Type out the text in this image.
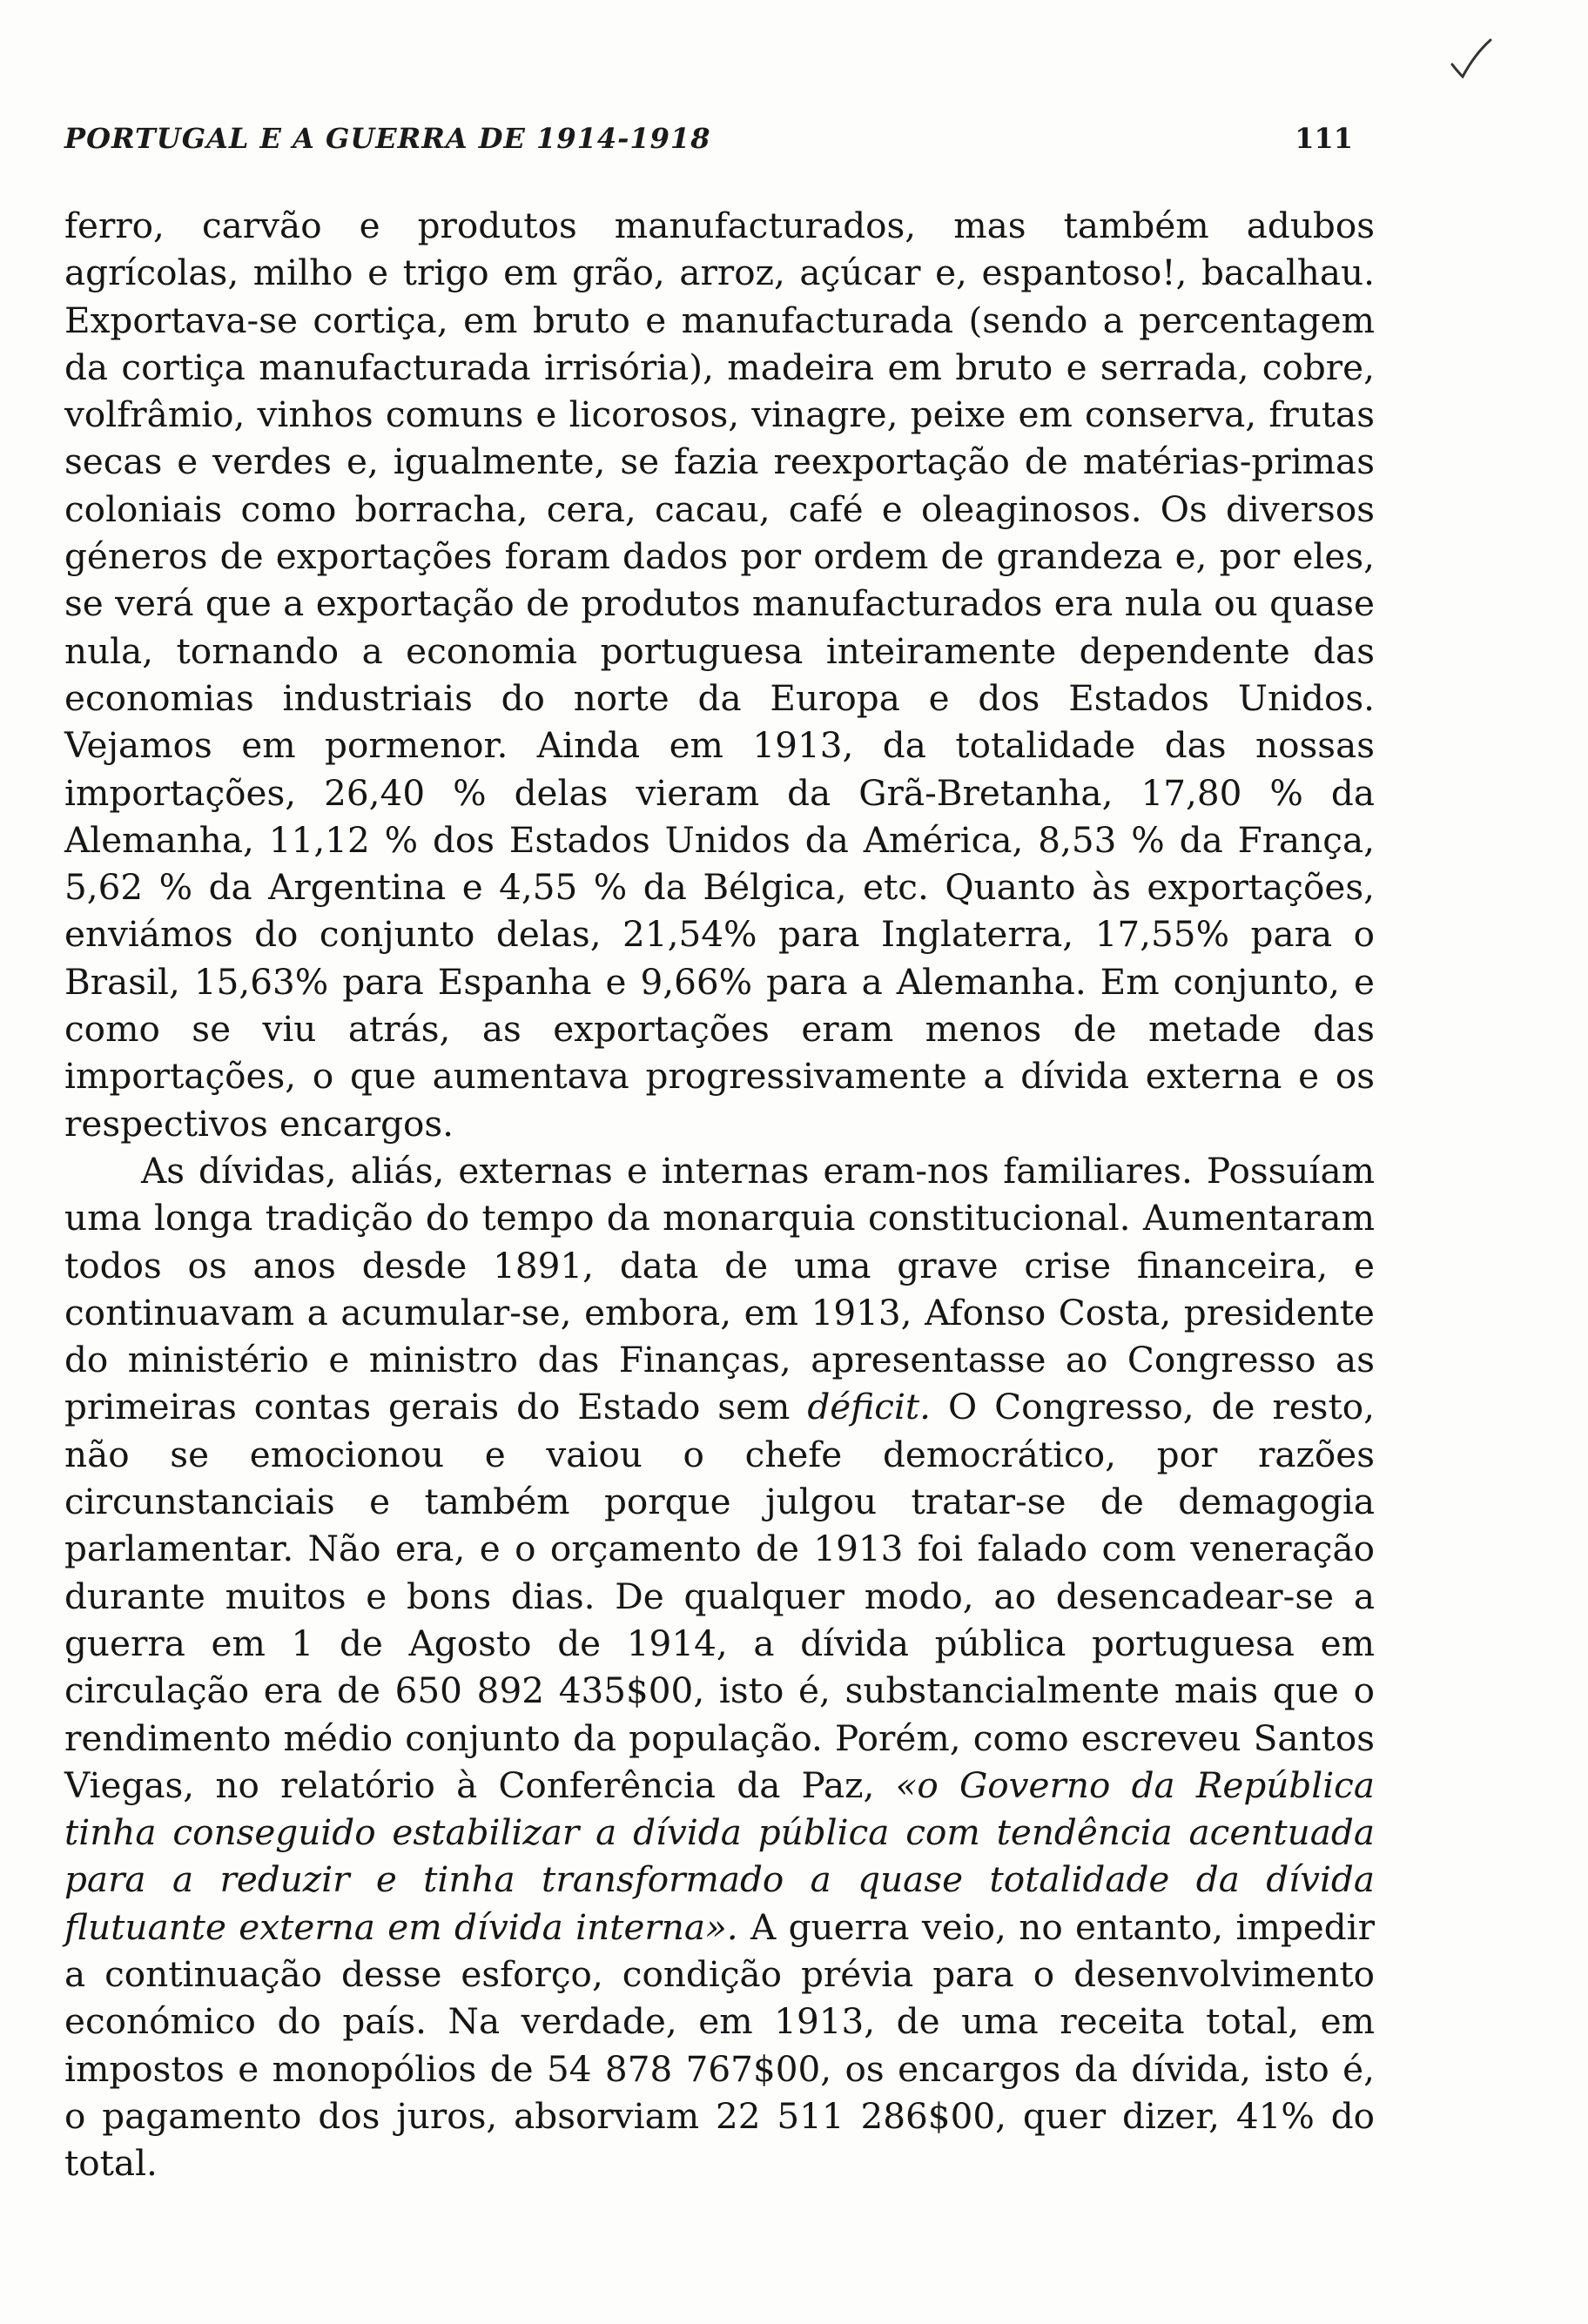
PORTUGAL E A GUERRA DE 1914-1918	111

ferro, carvão e produtos manufacturados, mas também adubos agrícolas, milho e trigo em grão, arroz, açúcar e, espantoso!, bacalhau. Exportava-se cortiça, em bruto e manufacturada (sendo a percentagem da cortiça manufacturada irrisória), madeira em bruto e serrada, cobre, volfrâmio, vinhos comuns e licorosos, vinagre, peixe em conserva, frutas secas e verdes e, igualmente, se fazia reexportação de matérias-primas coloniais como borracha, cera, cacau, café e oleaginosos. Os diversos géneros de exportações foram dados por ordem de grandeza e, por eles, se verá que a exportação de produtos manufacturados era nula ou quase nula, tornando a economia portuguesa inteiramente dependente das economias industriais do norte da Europa e dos Estados Unidos. Vejamos em pormenor. Ainda em 1913, da totalidade das nossas importações, 26,40 % delas vieram da Grã-Bretanha, 17,80 % da Alemanha, 11,12 % dos Estados Unidos da América, 8,53 % da França, 5,62 % da Argentina e 4,55 % da Bélgica, etc. Quanto às exportações, enviámos do conjunto delas, 21,54% para Inglaterra, 17,55% para o Brasil, 15,63% para Espanha e 9,66% para a Alemanha. Em conjunto, e como se viu atrás, as exportações eram menos de metade das importações, o que aumentava progressivamente a dívida externa e os respectivos encargos.

As dívidas, aliás, externas e internas eram-nos familiares. Possuíam uma longa tradição do tempo da monarquia constitucional. Aumentaram todos os anos desde 1891, data de uma grave crise financeira, e continuavam a acumular-se, embora, em 1913, Afonso Costa, presidente do ministério e ministro das Finanças, apresentasse ao Congresso as primeiras contas gerais do Estado sem déficit. O Congresso, de resto, não se emocionou e vaiou o chefe democrático, por razões circunstanciais e também porque julgou tratar-se de demagogia parlamentar. Não era, e o orçamento de 1913 foi falado com veneração durante muitos e bons dias. De qualquer modo, ao desencadear-se a guerra em 1 de Agosto de 1914, a dívida pública portuguesa em circulação era de 650 892 435$00, isto é, substancialmente mais que o rendimento médio conjunto da população. Porém, como escreveu Santos Viegas, no relatório à Conferência da Paz, «o Governo da República tinha conseguido estabilizar a dívida pública com tendência acentuada para a reduzir e tinha transformado a quase totalidade da dívida flutuante externa em dívida interna». A guerra veio, no entanto, impedir a continuação desse esforço, condição prévia para o desenvolvimento económico do país. Na verdade, em 1913, de uma receita total, em impostos e monopólios de 54 878 767$00, os encargos da dívida, isto é, o pagamento dos juros, absorviam 22 511 286$00, quer dizer, 41% do total.
